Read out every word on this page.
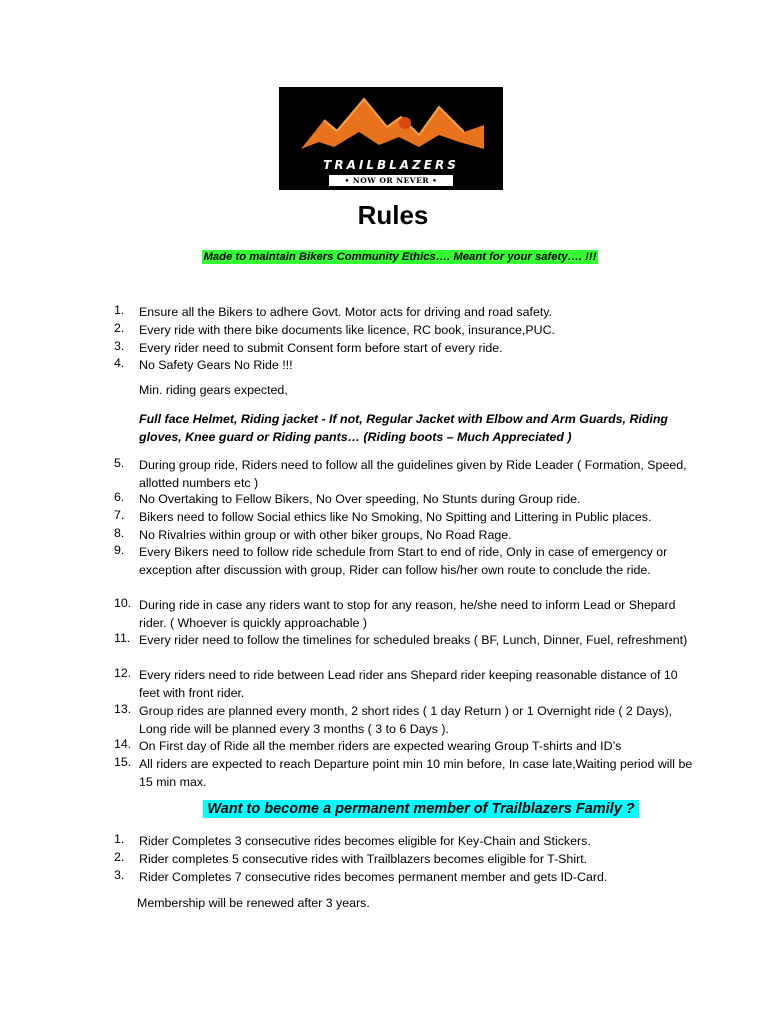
TRAILBLAZERS
• NOW OR NEVER •
Rules
Made to maintain Bikers Community Ethics…. Meant for your safety…. !!!
1.	Ensure all the Bikers to adhere Govt. Motor acts for driving and road safety.
2.	Every ride with there bike documents like licence, RC book, insurance,PUC.
3.	Every rider need to submit Consent form before start of every ride.
4.	No Safety Gears No Ride !!!
Min. riding gears expected,
Full face Helmet, Riding jacket - If not, Regular Jacket with Elbow and Arm Guards, Riding gloves, Knee guard or Riding pants… (Riding boots – Much Appreciated )
5.	During group ride, Riders need to follow all the guidelines given by Ride Leader ( Formation, Speed, allotted numbers etc )
6.	No Overtaking to Fellow Bikers, No Over speeding, No Stunts during Group ride.
7.	Bikers need to follow Social ethics like No Smoking, No Spitting and Littering in Public places.
8.	No Rivalries within group or with other biker groups, No Road Rage.
9.	Every Bikers need to follow ride schedule from Start to end of ride, Only in case of emergency or exception after discussion with group, Rider can follow his/her own route to conclude the ride.
10. During ride in case any riders want to stop for any reason, he/she need to inform Lead or Shepard rider. ( Whoever is quickly approachable )
11. Every rider need to follow the timelines for scheduled breaks ( BF, Lunch, Dinner, Fuel, refreshment)
12. Every riders need to ride between Lead rider ans Shepard rider keeping reasonable distance of 10 feet with front rider.
13. Group rides are planned every month, 2 short rides ( 1 day Return ) or 1 Overnight ride ( 2 Days), Long ride will be planned every 3 months ( 3 to 6 Days ).
14. On First day of Ride all the member riders are expected wearing Group T-shirts and ID’s
15. All riders are expected to reach Departure point min 10 min before, In case late,Waiting period will be 15 min max.
Want to become a permanent member of Trailblazers Family ?
1.	Rider Completes 3 consecutive rides becomes eligible for Key-Chain and Stickers.
2.	Rider completes 5 consecutive rides with Trailblazers becomes eligible for T-Shirt.
3.	Rider Completes 7 consecutive rides becomes permanent member and gets ID-Card.
Membership will be renewed after 3 years.
